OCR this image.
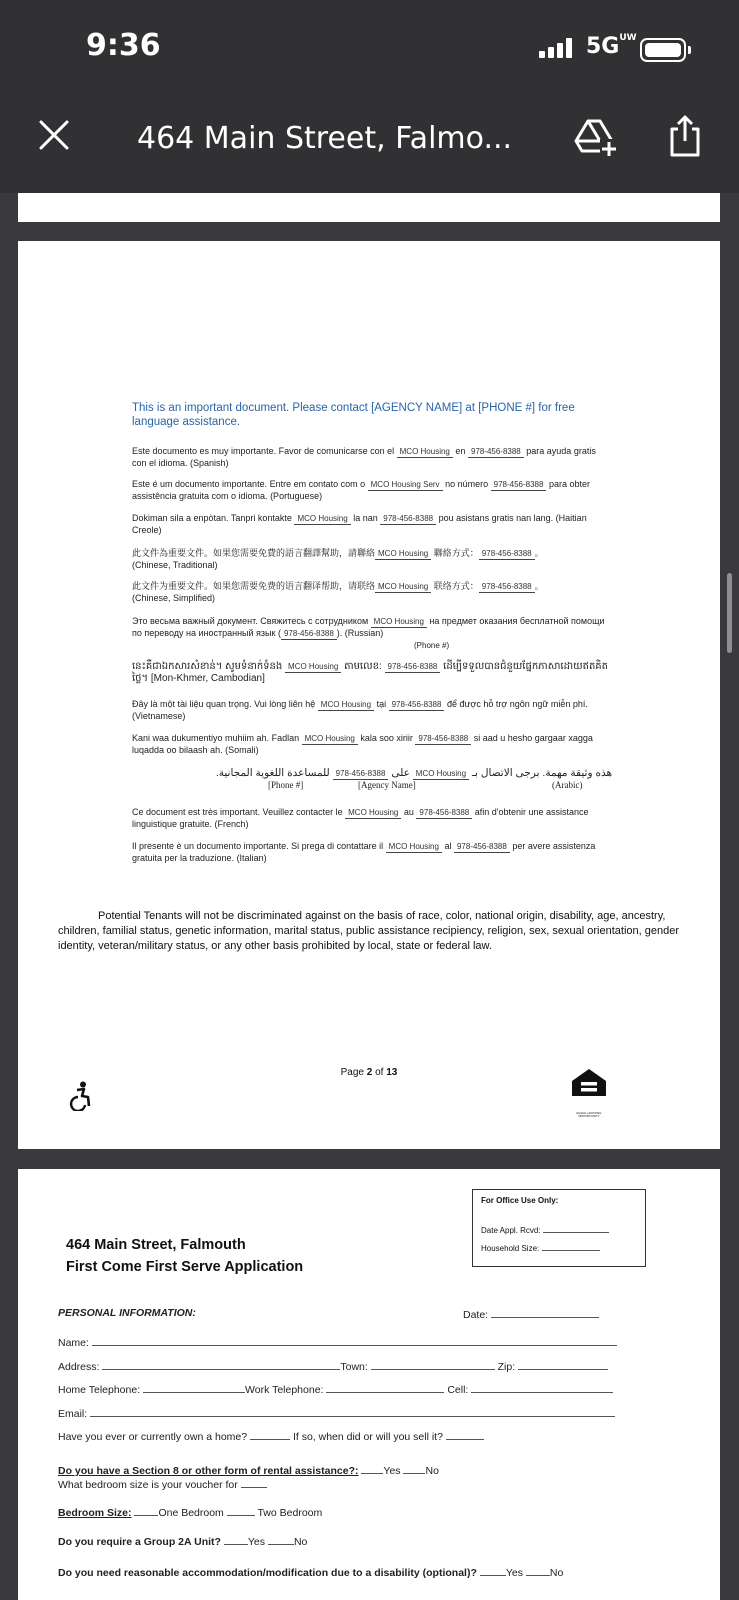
9:36	5GUW
464 Main Street, Falmo...
This is an important document. Please contact [AGENCY NAME] at [PHONE #] for free language assistance.
Este documento es muy importante. Favor de comunicarse con el MCO Housing en 978-456-8388 para ayuda gratis con el idioma. (Spanish)
Este é um documento importante. Entre em contato com o MCO Housing Serv no número 978-456-8388 para obter assistência gratuita com o idioma. (Portuguese)
Dokiman sila a enpòtan. Tanpri kontakte MCO Housing la nan 978-456-8388 pou asistans gratis nan lang. (Haitian Creole)
此文件為重要文件。如果您需要免費的語言翻譯幫助，請聯絡 MCO Housing 聯絡方式： 978-456-8388 。
(Chinese, Traditional)
此文件为重要文件。如果您需要免费的语言翻译帮助，请联络 MCO Housing 联络方式： 978-456-8388 。
(Chinese, Simplified)
Это весьма важный документ. Свяжитесь с сотрудником MCO Housing на предмет оказания бесплатной помощи по переводу на иностранный язык ( 978-456-8388 ). (Russian)
(Phone #)
នេះគឺជាឯកសារសំខាន់។ សូមទំនាក់ទំនង MCO Housing តាមលេខ: 978-456-8388 ដើម្បីទទួលបានជំនួយផ្នែកភាសាដោយឥតគិតថ្លៃ។ [Mon-Khmer, Cambodian]
Đây là một tài liệu quan trọng. Vui lòng liên hệ MCO Housing tại 978-456-8388 để được hỗ trợ ngôn ngữ miễn phí. (Vietnamese)
Kani waa dukumentiyo muhiim ah. Fadlan MCO Housing kala soo xiriir 978-456-8388 si aad u hesho gargaar xagga luqadda oo bilaash ah. (Somali)
هذه وثيقة مهمة. برجى الاتصال بـ MCO Housing على 978-456-8388 للمساعدة اللغوية المجانية.
[Phone #]	[Agency Name]	(Arabic)
Ce document est très important. Veuillez contacter le MCO Housing au 978-456-8388 afin d'obtenir une assistance linguistique gratuite. (French)
Il presente è un documento importante. Si prega di contattare il MCO Housing al 978-456-8388 per avere assistenza gratuita per la traduzione. (Italian)
Potential Tenants will not be discriminated against on the basis of race, color, national origin, disability, age, ancestry, children, familial status, genetic information, marital status, public assistance recipiency, religion, sex, sexual orientation, gender identity, veteran/military status, or any other basis prohibited by local, state or federal law.
Page 2 of 13
EQUAL HOUSING OPPORTUNITY
For Office Use Only:
Date Appl. Rcvd:
Household Size:
464 Main Street, Falmouth
First Come First Serve Application
PERSONAL INFORMATION:	Date:
Name:
Address:	Town:	Zip:
Home Telephone:	Work Telephone:	Cell:
Email:
Have you ever or currently own a home?	If so, when did or will you sell it?
Do you have a Section 8 or other form of rental assistance?: Yes No
What bedroom size is your voucher for
Bedroom Size:	One Bedroom	Two Bedroom
Do you require a Group 2A Unit?	Yes	No
Do you need reasonable accommodation/modification due to a disability (optional)?	Yes	No
